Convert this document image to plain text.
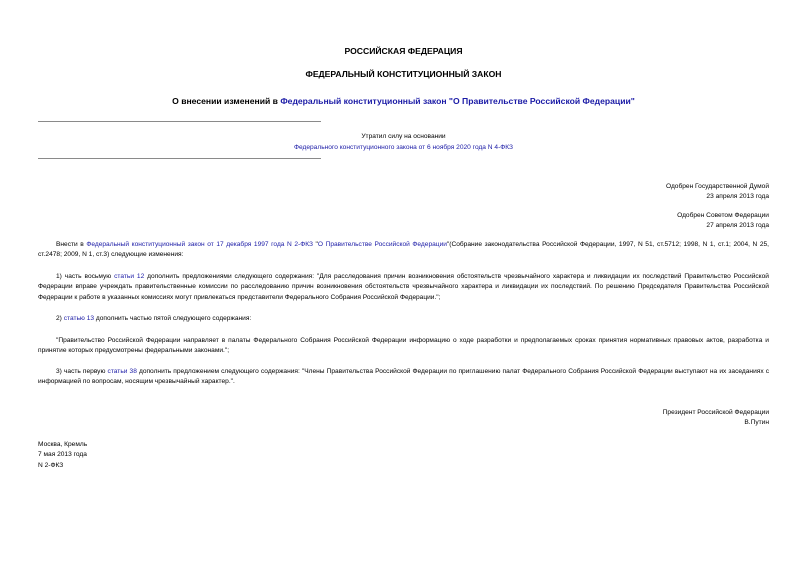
РОССИЙСКАЯ ФЕДЕРАЦИЯ
ФЕДЕРАЛЬНЫЙ КОНСТИТУЦИОННЫЙ ЗАКОН
О внесении изменений в Федеральный конституционный закон "О Правительстве Российской Федерации"
Утратил силу на основании
Федерального конституционного закона от 6 ноября 2020 года N 4-ФКЗ
Одобрен Государственной Думой
23 апреля 2013 года
Одобрен Советом Федерации
27 апреля 2013 года
Внести в Федеральный конституционный закон от 17 декабря 1997 года N 2-ФКЗ "О Правительстве Российской Федерации"(Собрание законодательства Российской Федерации, 1997, N 51, ст.5712; 1998, N 1, ст.1; 2004, N 25, ст.2478; 2009, N 1, ст.3) следующие изменения:
1) часть восьмую статьи 12 дополнить предложениями следующего содержания: "Для расследования причин возникновения обстоятельств чрезвычайного характера и ликвидации их последствий Правительство Российской Федерации вправе учреждать правительственные комиссии по расследованию причин возникновения обстоятельств чрезвычайного характера и ликвидации их последствий. По решению Председателя Правительства Российской Федерации к работе в указанных комиссиях могут привлекаться представители Федерального Собрания Российской Федерации.";
2) статью 13 дополнить частью пятой следующего содержания:
"Правительство Российской Федерации направляет в палаты Федерального Собрания Российской Федерации информацию о ходе разработки и предполагаемых сроках принятия нормативных правовых актов, разработка и принятие которых предусмотрены федеральными законами.";
3) часть первую статьи 38 дополнить предложением следующего содержания: "Члены Правительства Российской Федерации по приглашению палат Федерального Собрания Российской Федерации выступают на их заседаниях с информацией по вопросам, носящим чрезвычайный характер.".
Президент Российской Федерации
В.Путин
Москва, Кремль
7 мая 2013 года
N 2-ФКЗ
